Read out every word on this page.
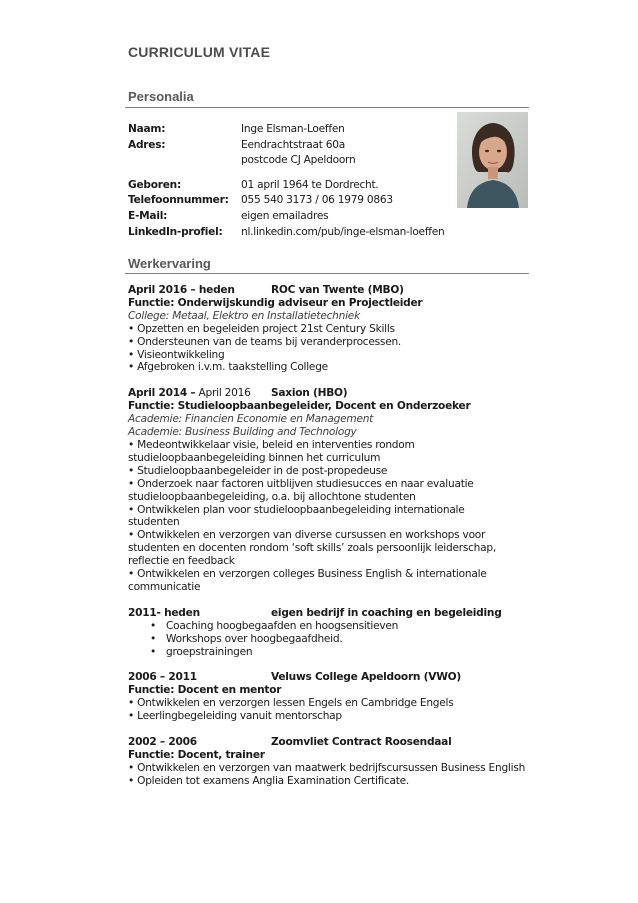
CURRICULUM VITAE
Personalia
Naam:	Inge Elsman-Loeffen
Adres:	Eendrachtstraat 60a
postcode CJ Apeldoorn
Geboren:	01 april 1964 te Dordrecht.
Telefoonnummer:	055 540 3173 / 06 1979 0863
E-Mail:	eigen emailadres
LinkedIn-profiel:	nl.linkedin.com/pub/inge-elsman-loeffen
Werkervaring
April 2016 – heden	ROC van Twente (MBO)
Functie: Onderwijskundig adviseur en Projectleider
College: Metaal, Elektro en Installatietechniek
• Opzetten en begeleiden project 21st Century Skills
• Ondersteunen van de teams bij veranderprocessen.
• Visieontwikkeling
• Afgebroken i.v.m. taakstelling College
April 2014 – April 2016	Saxion (HBO)
Functie: Studieloopbaanbegeleider, Docent en Onderzoeker
Academie: Financien Economie en Management
Academie: Business Building and Technology
• Medeontwikkelaar visie, beleid en interventies rondom
studieloopbaanbegeleiding binnen het curriculum
• Studieloopbaanbegeleider in de post-propedeuse
• Onderzoek naar factoren uitblijven studiesucces en naar evaluatie
studieloopbaanbegeleiding, o.a. bij allochtone studenten
• Ontwikkelen plan voor studieloopbaanbegeleiding internationale
studenten
• Ontwikkelen en verzorgen van diverse cursussen en workshops voor
studenten en docenten rondom ‘soft skills’ zoals persoonlijk leiderschap,
reflectie en feedback
• Ontwikkelen en verzorgen colleges Business English & internationale
communicatie
2011- heden	eigen bedrijf in coaching en begeleiding
• Coaching hoogbegaafden en hoogsensitieven
• Workshops over hoogbegaafdheid.
• groepstrainingen
2006 – 2011	Veluws College Apeldoorn (VWO)
Functie: Docent en mentor
• Ontwikkelen en verzorgen lessen Engels en Cambridge Engels
• Leerlingbegeleiding vanuit mentorschap
2002 – 2006	Zoomvliet Contract Roosendaal
Functie: Docent, trainer
• Ontwikkelen en verzorgen van maatwerk bedrijfscursussen Business English
• Opleiden tot examens Anglia Examination Certificate.
